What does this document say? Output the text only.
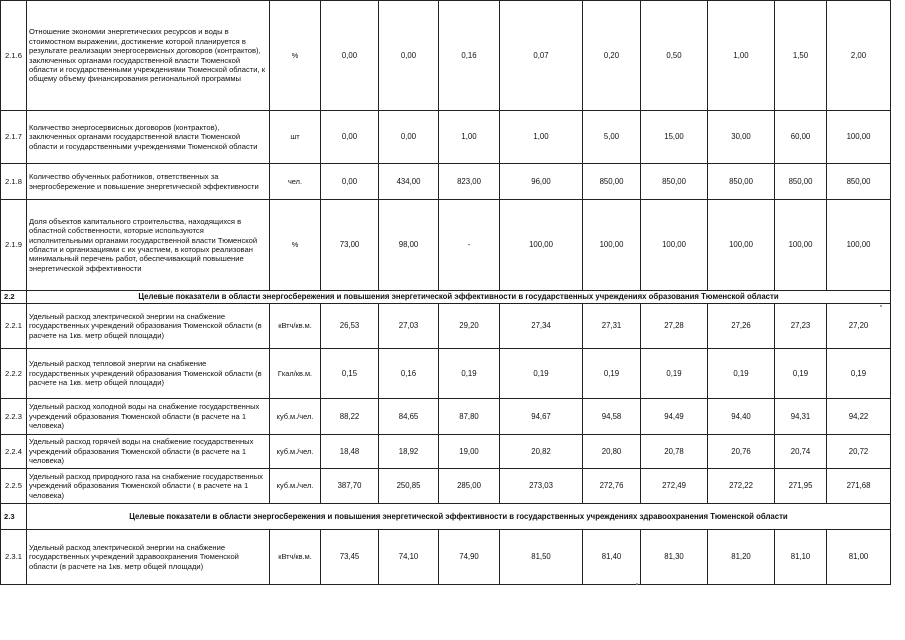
2.1.6	Отношение экономии энергетических ресурсов и воды в стоимостном выражении, достижение которой планируется в результате реализации энергосервисных договоров (контрактов), заключенных органами государственной власти Тюменской области и государственными учреждениями Тюменской области, к общему объему финансирования региональной программы	%	0,00	0,00	0,16	0,07	0,20	0,50	1,00	1,50	2,00
2.1.7	Количество энергосервисных договоров (контрактов), заключенных органами государственной власти Тюменской области и государственными учреждениями Тюменской области	шт	0,00	0,00	1,00	1,00	5,00	15,00	30,00	60,00	100,00
2.1.8	Количество обученных работников, ответственных за энергосбережение и повышение энергетической эффективности	чел.	0,00	434,00	823,00	96,00	850,00	850,00	850,00	850,00	850,00
2.1.9	Доля объектов капитального строительства, находящихся в областной собственности, которые используются исполнительными органами государственной власти Тюменской области и организациями с их участием, в которых реализован минимальный перечень работ, обеспечивающий повышение энергетической эффективности	%	73,00	98,00	-	100,00	100,00	100,00	100,00	100,00	100,00
2.2	Целевые показатели в области энергосбережения и повышения энергетической эффективности в государственных учреждениях образования Тюменской области										
2.2.1	Удельный расход электрической энергии на снабжение государственных учреждений образования Тюменской области (в расчете на 1кв. метр общей площади)	кВтч/кв.м.	26,53	27,03	29,20	27,34	27,31	27,28	27,26	27,23	27,20
2.2.2	Удельный расход тепловой энергии на снабжение государственных учреждений образования Тюменской области (в расчете на 1кв. метр общей площади)	Гкал/кв.м.	0,15	0,16	0,19	0,19	0,19	0,19	0,19	0,19	0,19
2.2.3	Удельный расход холодной воды на снабжение государственных учреждений образования Тюменской области (в расчете на 1 человека)	куб.м./чел.	88,22	84,65	87,80	94,67	94,58	94,49	94,40	94,31	94,22
2.2.4	Удельный расход горячей воды на снабжение государственных учреждений образования Тюменской области (в расчете на 1 человека)	куб.м./чел.	18,48	18,92	19,00	20,82	20,80	20,78	20,76	20,74	20,72
2.2.5	Удельный расход природного газа на снабжение государственных учреждений образования Тюменской области ( в расчете на 1 человека)	куб.м./чел.	387,70	250,85	285,00	273,03	272,76	272,49	272,22	271,95	271,68
2.3	Целевые показатели в области энергосбережения и повышения энергетической эффективности в государственных учреждениях здравоохранения Тюменской области										
2.3.1	Удельный расход электрической энергии на снабжение государственных учреждений здравоохранения Тюменской области (в расчете на 1кв. метр общей площади)	кВтч/кв.м.	73,45	74,10	74,90	81,50	81,40	81,30	81,20	81,10	81,00
